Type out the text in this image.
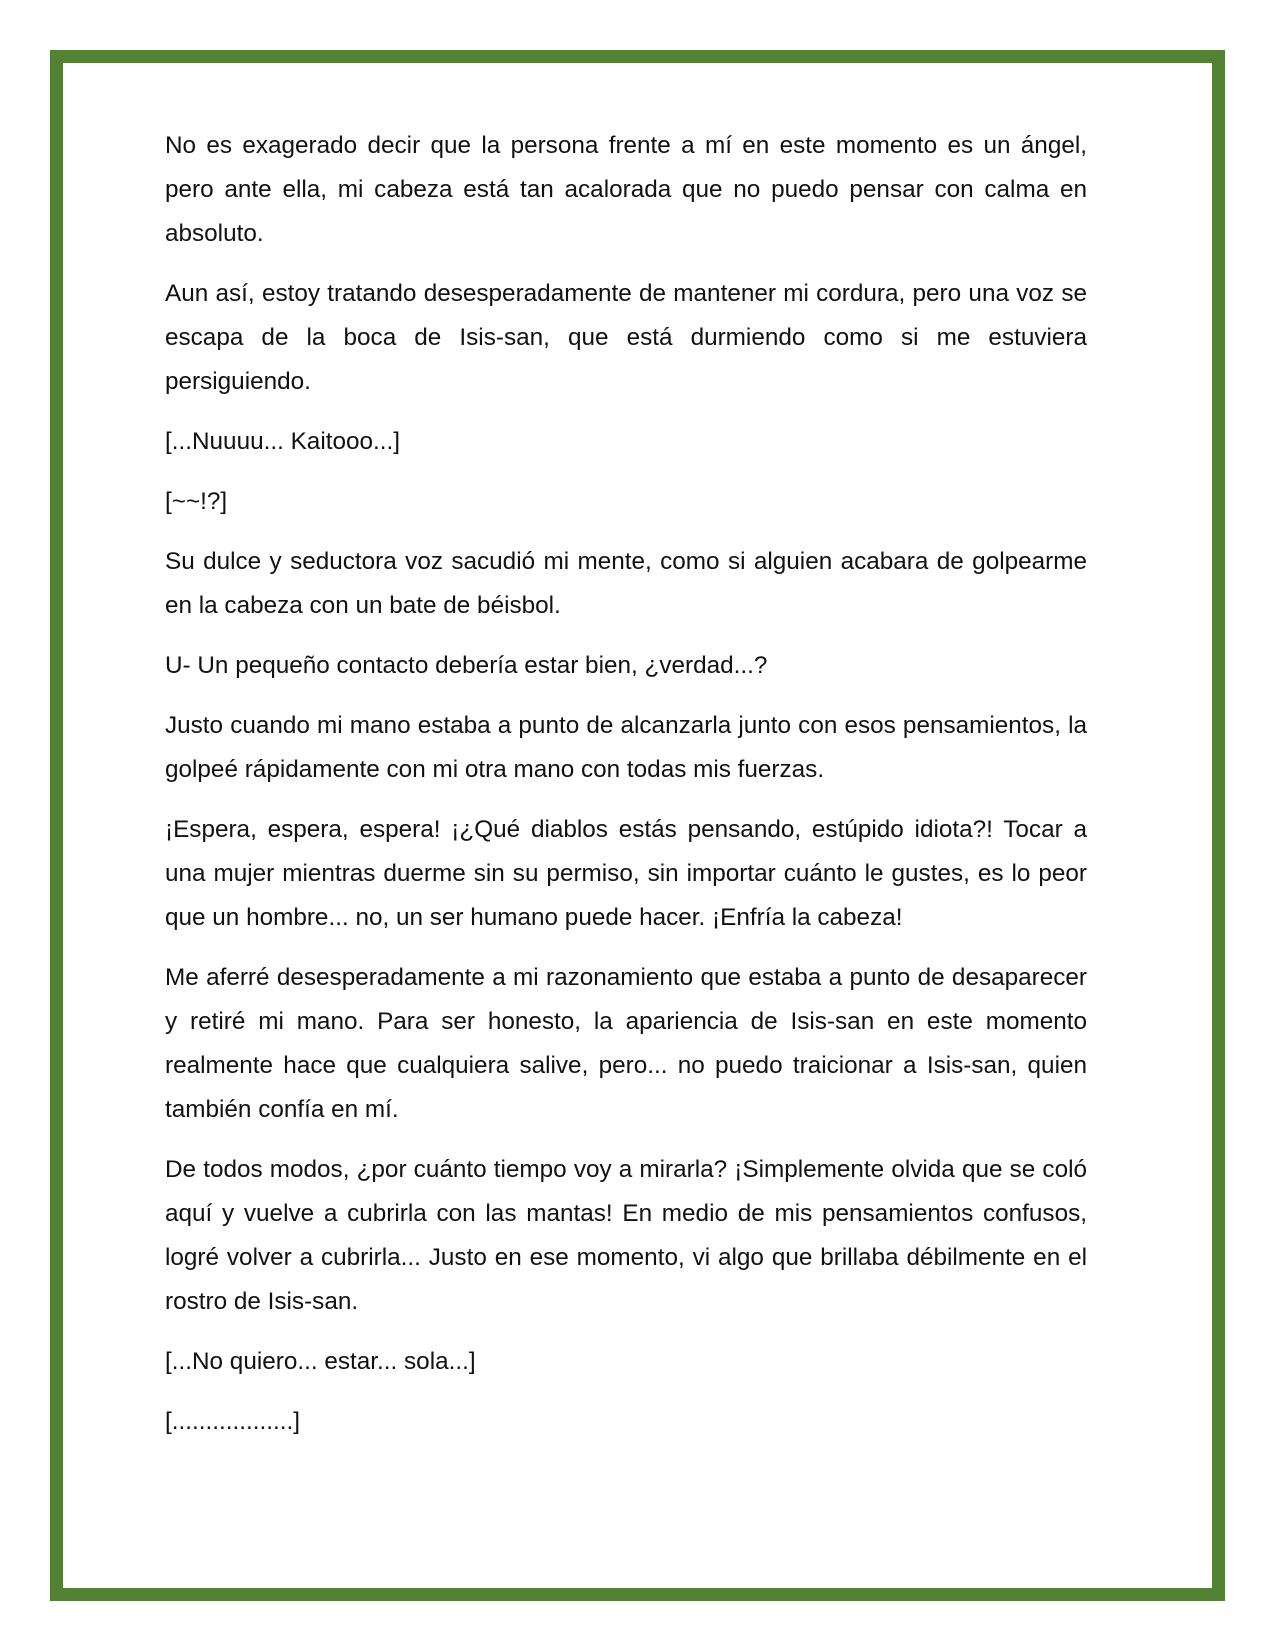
No es exagerado decir que la persona frente a mí en este momento es un ángel, pero ante ella, mi cabeza está tan acalorada que no puedo pensar con calma en absoluto.

Aun así, estoy tratando desesperadamente de mantener mi cordura, pero una voz se escapa de la boca de Isis-san, que está durmiendo como si me estuviera persiguiendo.

[...Nuuuu... Kaitooo...]

[~~!?]

Su dulce y seductora voz sacudió mi mente, como si alguien acabara de golpearme en la cabeza con un bate de béisbol.

U- Un pequeño contacto debería estar bien, ¿verdad...?

Justo cuando mi mano estaba a punto de alcanzarla junto con esos pensamientos, la golpeé rápidamente con mi otra mano con todas mis fuerzas.

¡Espera, espera, espera! ¡¿Qué diablos estás pensando, estúpido idiota?! Tocar a una mujer mientras duerme sin su permiso, sin importar cuánto le gustes, es lo peor que un hombre... no, un ser humano puede hacer. ¡Enfría la cabeza!

Me aferré desesperadamente a mi razonamiento que estaba a punto de desaparecer y retiré mi mano. Para ser honesto, la apariencia de Isis-san en este momento realmente hace que cualquiera salive, pero... no puedo traicionar a Isis-san, quien también confía en mí.

De todos modos, ¿por cuánto tiempo voy a mirarla? ¡Simplemente olvida que se coló aquí y vuelve a cubrirla con las mantas! En medio de mis pensamientos confusos, logré volver a cubrirla... Justo en ese momento, vi algo que brillaba débilmente en el rostro de Isis-san.

[...No quiero... estar... sola...]

[..................]
